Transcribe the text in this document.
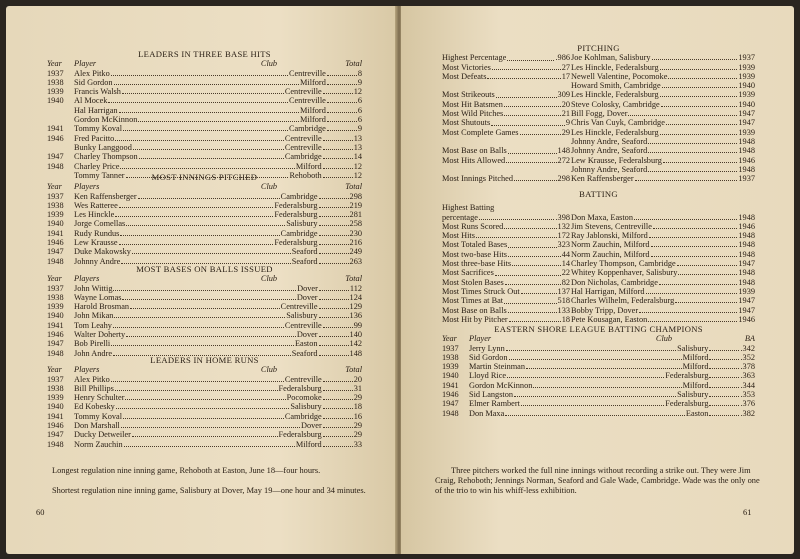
LEADERS IN THREE BASE HITS
Year	Player	Club	Total
1937	Alex Pitko	Centreville	8
1938	Sid Gordon	Milford	9
1939	Francis Walsh	Centreville	12
1940	Al Mocek	Centreville	6
Hal Harrigan	Milford	6
Gordon McKinnon	Milford	6
1941	Tommy Koval	Cambridge	9
1946	Fred Pacitto	Centreville	13
Bunky Langgood	Centreville	13
1947	Charley Thompson	Cambridge	14
1948	Charley Price	Milford	12
Tommy Tanner	Rehoboth	12
MOST INNINGS PITCHED
Year	Players	Club	Total
1937	Ken Raffensberger	Cambridge	298
1938	Wes Ratteree	Federalsburg	219
1939	Les Hinckle	Federalsburg	281
1940	Jorge Comellas	Salisbury	258
1941	Rudy Rundus	Cambridge	230
1946	Lew Krausse	Federalsburg	216
1947	Duke Makowsky	Seaford	249
1948	Johnny Andre	Seaford	263
MOST BASES ON BALLS ISSUED
Year	Players	Club	Total
1937	John Wittig	Dover	112
1938	Wayne Lomas	Dover	124
1939	Harold Brosman	Centreville	129
1940	John Mikan	Salisbury	136
1941	Tom Leahy	Centreville	99
1946	Walter Doherty	Dover	140
1947	Bob Pirelli	Easton	142
1948	John Andre	Seaford	148
LEADERS IN HOME RUNS
Year	Players	Club	Total
1937	Alex Pitko	Centreville	20
1938	Bill Phillips	Federalsburg	31
1939	Henry Schulter	Pocomoke	29
1940	Ed Kobesky	Salisbury	18
1941	Tommy Koval	Cambridge	16
1946	Don Marshall	Dover	29
1947	Ducky Detweiler	Federalsburg	29
1948	Norm Zauchin	Milford	33
Longest regulation nine inning game, Rehoboth at Easton, June 18—four hours.
Shortest regulation nine inning game, Salisbury at Dover, May 19—one hour and 34 minutes.
60
PITCHING
Highest Percentage	.986 Joe Kohlman, Salisbury	1937
Most Victories	27 Les Hinckle, Federalsburg	1939
Most Defeats	17 Newell Valentine, Pocomoke	1939
Howard Smith, Cambridge	1940
Most Strikeouts	309 Les Hinckle, Federalsburg	1939
Most Hit Batsmen	20 Steve Colosky, Cambridge	1940
Most Wild Pitches	21 Bill Fogg, Dover	1947
Most Shutouts	9 Chris Van Cuyk, Cambridge	1947
Most Complete Games	29 Les Hinckle, Federalsburg	1939
Johnny Andre, Seaford	1948
Most Base on Balls	148 Johnny Andre, Seaford	1948
Most Hits Allowed	272 Lew Krausse, Federalsburg	1946
Johnny Andre, Seaford	1948
Most Innings Pitched	298 Ken Raffensberger	1937
BATTING
Highest Batting
percentage	.398 Don Maxa, Easton	1948
Most Runs Scored	132 Jim Stevens, Centreville	1946
Most Hits	172 Ray Jablonski, Milford	1948
Most Totaled Bases	323 Norm Zauchin, Milford	1948
Most two-base Hits	44 Norm Zauchin, Milford	1948
Most three-base Hits	14 Charley Thompson, Cambridge	1947
Most Sacrifices	22 Whitey Koppenhaver, Salisbury	1948
Most Stolen Bases	82 Don Nicholas, Cambridge	1948
Most Times Struck Out	137 Hal Harrigan, Milford	1939
Most Times at Bat	518 Charles Wilhelm, Federalsburg	1947
Most Base on Balls	133 Bobby Tripp, Dover	1947
Most Hit by Pitcher	18 Pete Kousagan, Easton	1946
EASTERN SHORE LEAGUE BATTING CHAMPIONS
Year	Player	Club	BA
1937	Jerry Lynn	Salisbury	.342
1938	Sid Gordon	Milford	.352
1939	Martin Steinman	Milford	.378
1940	Lloyd Rice	Federalsburg	.363
1941	Gordon McKinnon	Milford	.344
1946	Sid Langston	Salisbury	.353
1947	Elmer Rambert	Federalsburg	.376
1948	Don Maxa	Easton	.382
Three pitchers worked the full nine innings without recording a strike out. They were Jim Craig, Rehoboth; Jennings Norman, Seaford and Gale Wade, Cambridge. Wade was the only one of the trio to win his whiff-less exhibition.
61
